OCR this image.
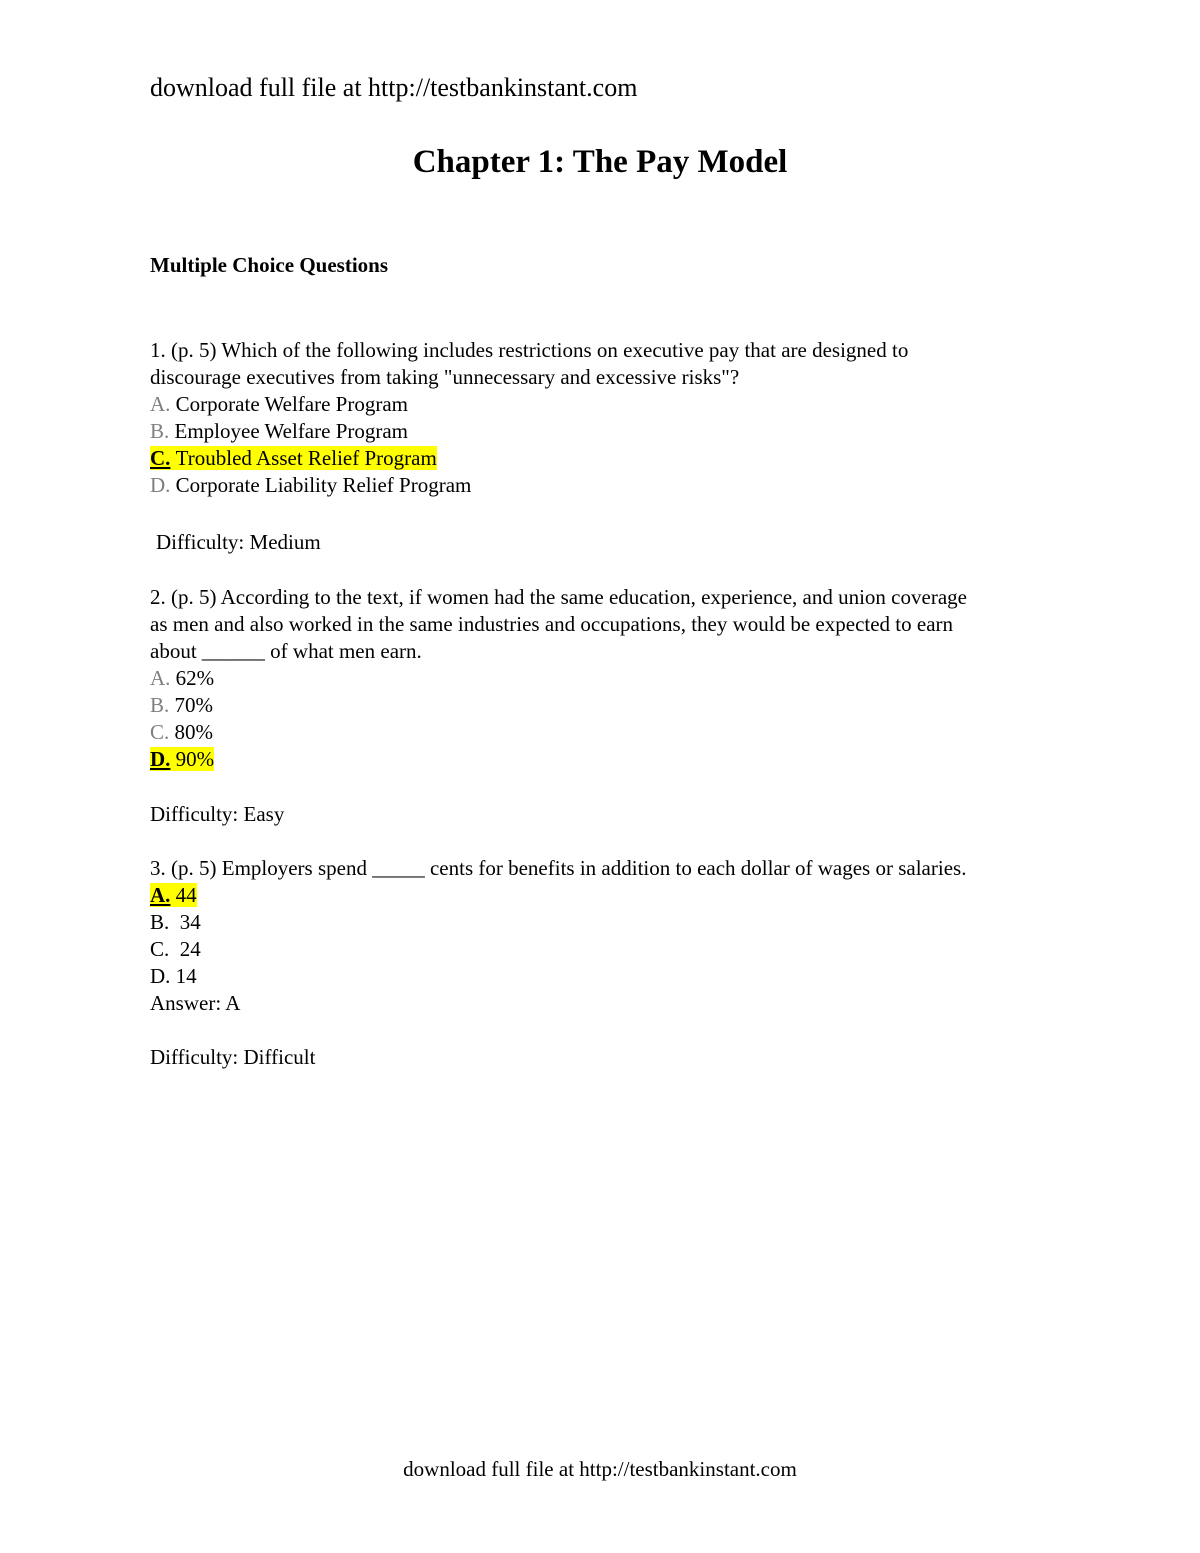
download full file at http://testbankinstant.com
Chapter 1: The Pay Model
Multiple Choice Questions
1. (p. 5) Which of the following includes restrictions on executive pay that are designed to
discourage executives from taking "unnecessary and excessive risks"?
A. Corporate Welfare Program
B. Employee Welfare Program
C. Troubled Asset Relief Program
D. Corporate Liability Relief Program
Difficulty: Medium
2. (p. 5) According to the text, if women had the same education, experience, and union coverage
as men and also worked in the same industries and occupations, they would be expected to earn
about ______ of what men earn.
A. 62%
B. 70%
C. 80%
D. 90%
Difficulty: Easy
3. (p. 5) Employers spend _____ cents for benefits in addition to each dollar of wages or salaries.
A. 44
B. 34
C. 24
D. 14
Answer: A
Difficulty: Difficult
download full file at http://testbankinstant.com
